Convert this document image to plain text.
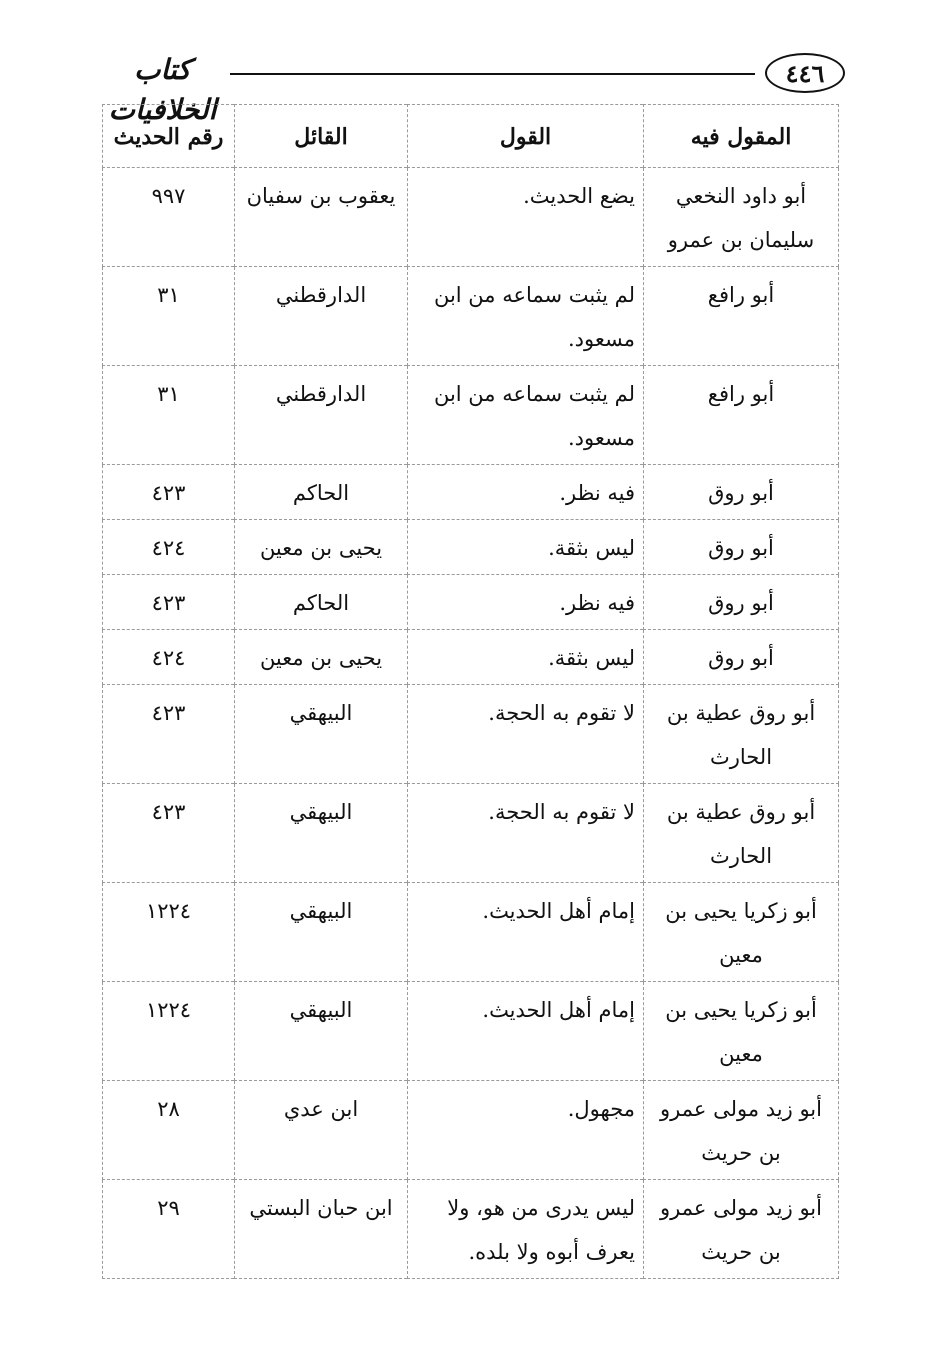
كتاب الخلافيات
٤٤٦
المقول فيه	القول	القائل	رقم الحديث
أبو داود النخعي سليمان بن عمرو	يضع الحديث.	يعقوب بن سفيان	٩٩٧
أبو رافع	لم يثبت سماعه من ابن مسعود.	الدارقطني	٣١
أبو رافع	لم يثبت سماعه من ابن مسعود.	الدارقطني	٣١
أبو روق	فيه نظر.	الحاكم	٤٢٣
أبو روق	ليس بثقة.	يحيى بن معين	٤٢٤
أبو روق	فيه نظر.	الحاكم	٤٢٣
أبو روق	ليس بثقة.	يحيى بن معين	٤٢٤
أبو روق عطية بن الحارث	لا تقوم به الحجة.	البيهقي	٤٢٣
أبو روق عطية بن الحارث	لا تقوم به الحجة.	البيهقي	٤٢٣
أبو زكريا يحيى بن معين	إمام أهل الحديث.	البيهقي	١٢٢٤
أبو زكريا يحيى بن معين	إمام أهل الحديث.	البيهقي	١٢٢٤
أبو زيد مولى عمرو بن حريث	مجهول.	ابن عدي	٢٨
أبو زيد مولى عمرو بن حريث	ليس يدرى من هو، ولا يعرف أبوه ولا بلده.	ابن حبان البستي	٢٩
